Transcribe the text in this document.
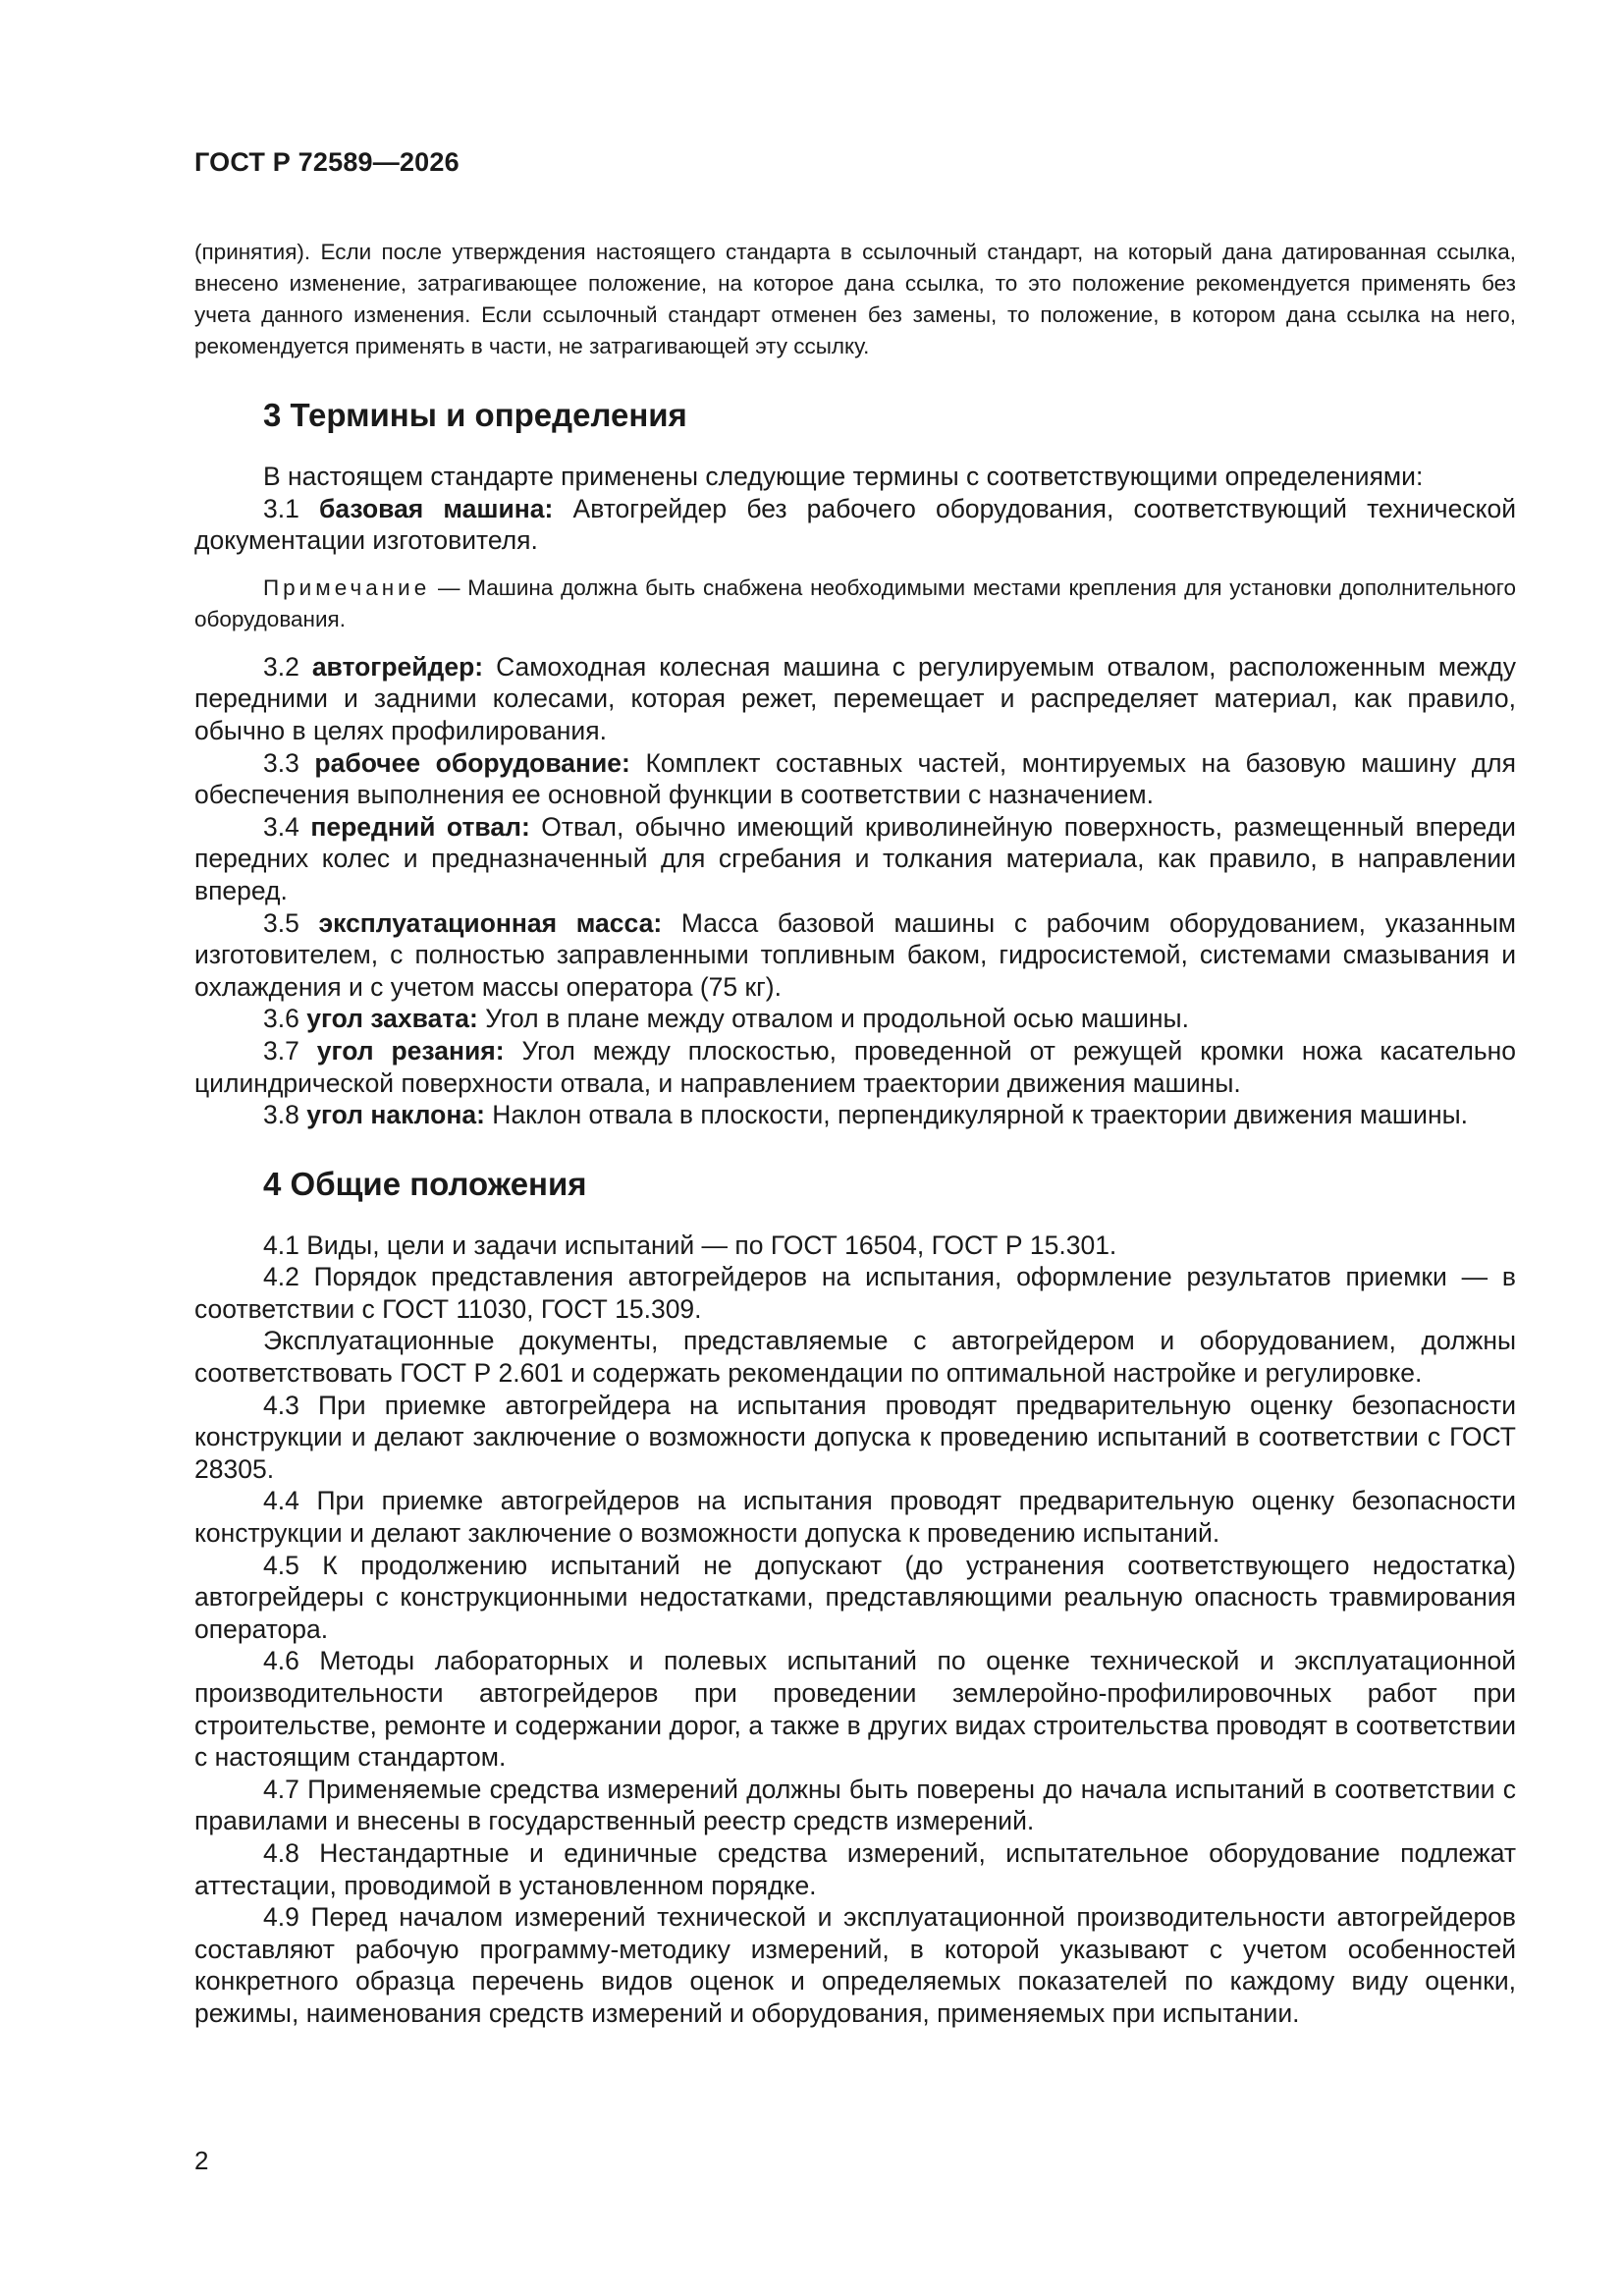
ГОСТ Р 72589—2026

(принятия). Если после утверждения настоящего стандарта в ссылочный стандарт, на который дана датированная ссылка, внесено изменение, затрагивающее положение, на которое дана ссылка, то это положение рекомендуется применять без учета данного изменения. Если ссылочный стандарт отменен без замены, то положение, в котором дана ссылка на него, рекомендуется применять в части, не затрагивающей эту ссылку.

3 Термины и определения

В настоящем стандарте применены следующие термины с соответствующими определениями:

3.1 базовая машина: Автогрейдер без рабочего оборудования, соответствующий технической документации изготовителя.

Примечание — Машина должна быть снабжена необходимыми местами крепления для установки дополнительного оборудования.

3.2 автогрейдер: Самоходная колесная машина с регулируемым отвалом, расположенным между передними и задними колесами, которая режет, перемещает и распределяет материал, как правило, обычно в целях профилирования.

3.3 рабочее оборудование: Комплект составных частей, монтируемых на базовую машину для обеспечения выполнения ее основной функции в соответствии с назначением.

3.4 передний отвал: Отвал, обычно имеющий криволинейную поверхность, размещенный впереди передних колес и предназначенный для сгребания и толкания материала, как правило, в направлении вперед.

3.5 эксплуатационная масса: Масса базовой машины с рабочим оборудованием, указанным изготовителем, с полностью заправленными топливным баком, гидросистемой, системами смазывания и охлаждения и с учетом массы оператора (75 кг).

3.6 угол захвата: Угол в плане между отвалом и продольной осью машины.

3.7 угол резания: Угол между плоскостью, проведенной от режущей кромки ножа касательно цилиндрической поверхности отвала, и направлением траектории движения машины.

3.8 угол наклона: Наклон отвала в плоскости, перпендикулярной к траектории движения машины.

4 Общие положения

4.1 Виды, цели и задачи испытаний — по ГОСТ 16504, ГОСТ Р 15.301.

4.2 Порядок представления автогрейдеров на испытания, оформление результатов приемки — в соответствии с ГОСТ 11030, ГОСТ 15.309.

Эксплуатационные документы, представляемые с автогрейдером и оборудованием, должны соответствовать ГОСТ Р 2.601 и содержать рекомендации по оптимальной настройке и регулировке.

4.3 При приемке автогрейдера на испытания проводят предварительную оценку безопасности конструкции и делают заключение о возможности допуска к проведению испытаний в соответствии с ГОСТ 28305.

4.4 При приемке автогрейдеров на испытания проводят предварительную оценку безопасности конструкции и делают заключение о возможности допуска к проведению испытаний.

4.5 К продолжению испытаний не допускают (до устранения соответствующего недостатка) автогрейдеры с конструкционными недостатками, представляющими реальную опасность травмирования оператора.

4.6 Методы лабораторных и полевых испытаний по оценке технической и эксплуатационной производительности автогрейдеров при проведении землеройно-профилировочных работ при строительстве, ремонте и содержании дорог, а также в других видах строительства проводят в соответствии с настоящим стандартом.

4.7 Применяемые средства измерений должны быть поверены до начала испытаний в соответствии с правилами и внесены в государственный реестр средств измерений.

4.8 Нестандартные и единичные средства измерений, испытательное оборудование подлежат аттестации, проводимой в установленном порядке.

4.9 Перед началом измерений технической и эксплуатационной производительности автогрейдеров составляют рабочую программу-методику измерений, в которой указывают с учетом особенностей конкретного образца перечень видов оценок и определяемых показателей по каждому виду оценки, режимы, наименования средств измерений и оборудования, применяемых при испытании.

2
